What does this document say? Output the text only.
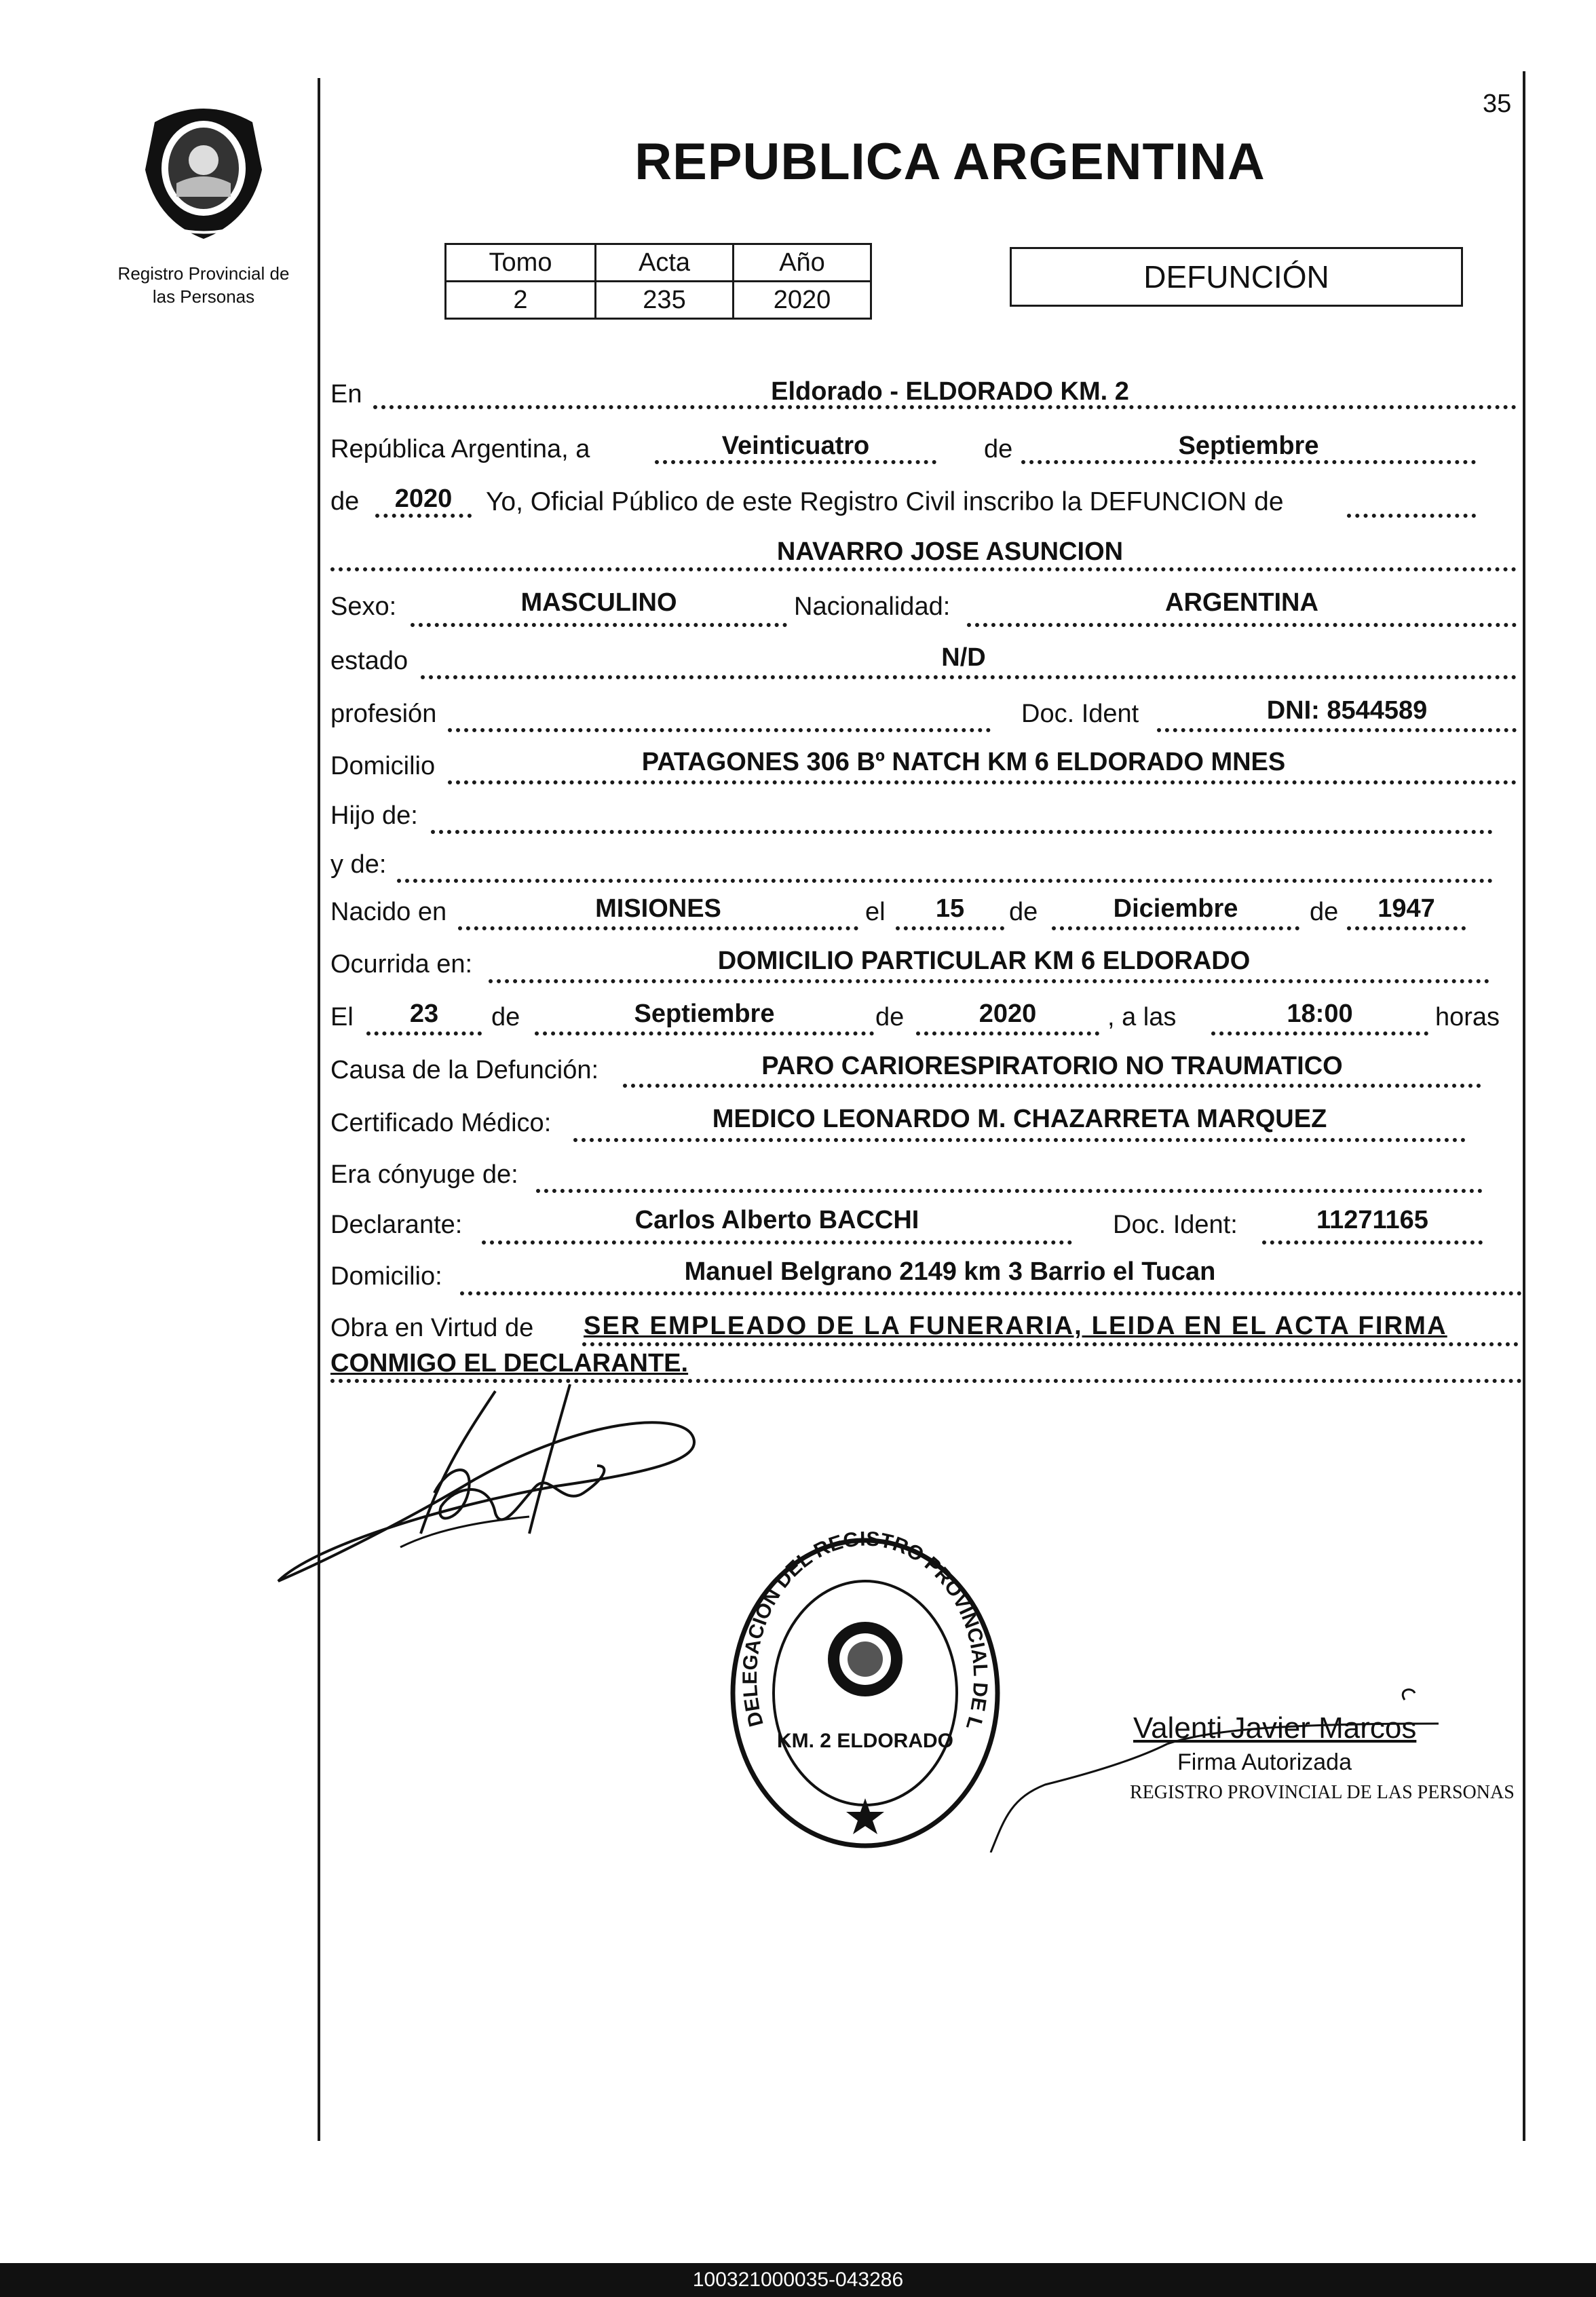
35
Registro Provincial de
las Personas
REPUBLICA ARGENTINA
Tomo	Acta	Año
2	235	2020
DEFUNCIÓN
En	Eldorado - ELDORADO KM. 2
República Argentina, a	Veinticuatro	de	Septiembre
de	2020	Yo, Oficial Público de este Registro Civil inscribo la DEFUNCION de
NAVARRO JOSE ASUNCION
Sexo:	MASCULINO	Nacionalidad:	ARGENTINA
estado	N/D
profesión	Doc. Ident	DNI: 8544589
Domicilio	PATAGONES 306 Bº NATCH KM 6 ELDORADO MNES
Hijo de:
y de:
Nacido en	MISIONES	el	15	de	Diciembre	de	1947
Ocurrida en:	DOMICILIO PARTICULAR KM 6 ELDORADO
El	23	de	Septiembre	de	2020	, a las	18:00	horas
Causa de la Defunción:	PARO CARIORESPIRATORIO NO TRAUMATICO
Certificado Médico:	MEDICO LEONARDO M. CHAZARRETA MARQUEZ
Era cónyuge de:
Declarante:	Carlos Alberto BACCHI	Doc. Ident:	11271165
Domicilio:	Manuel Belgrano 2149 km 3 Barrio el Tucan
Obra en Virtud de SER EMPLEADO DE LA FUNERARIA, LEIDA EN EL ACTA FIRMA
CONMIGO EL DECLARANTE.
DELEGACION DEL REGISTRO PROVINCIAL DE L
KM. 2 ELDORADO	Valenti Javier Marcos
Firma Autorizada
REGISTRO PROVINCIAL DE LAS PERSONAS
100321000035-043286
